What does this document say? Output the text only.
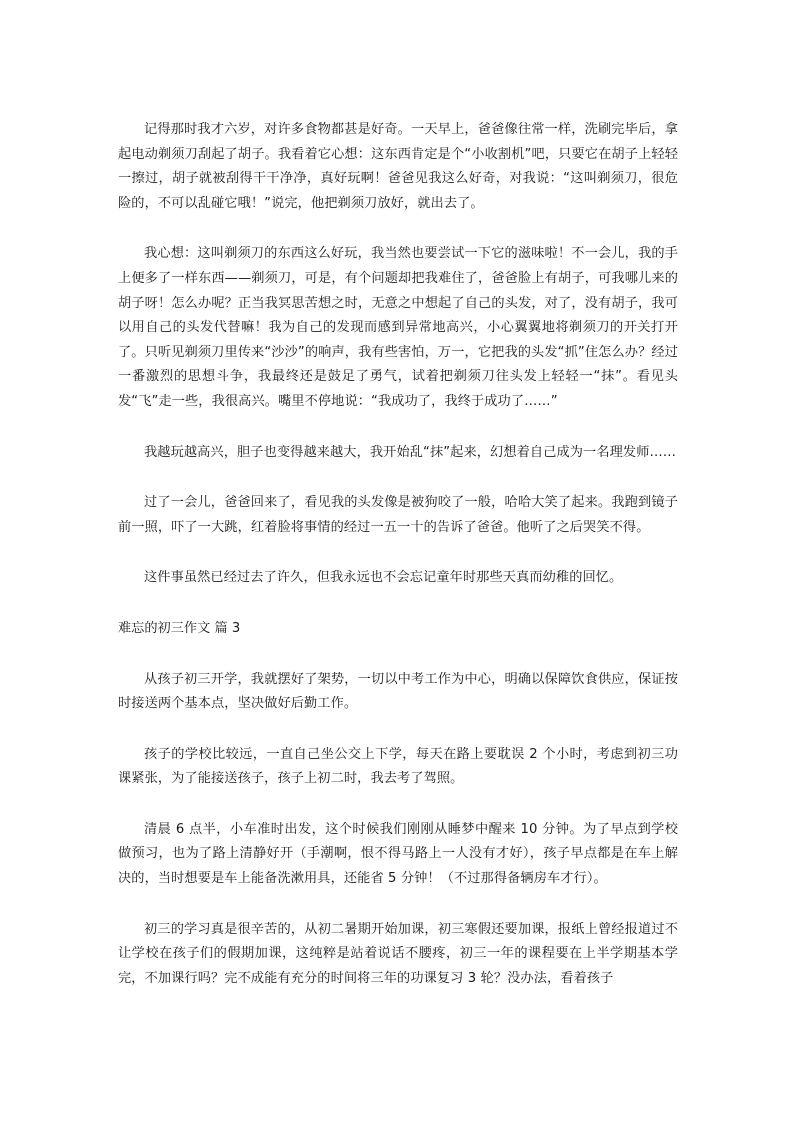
记得那时我才六岁，对许多食物都甚是好奇。一天早上，爸爸像往常一样，洗刷完毕后，拿起电动剃须刀刮起了胡子。我看着它心想：这东西肯定是个“小收割机”吧，只要它在胡子上轻轻一擦过，胡子就被刮得干干净净，真好玩啊！爸爸见我这么好奇，对我说：“这叫剃须刀，很危险的，不可以乱碰它哦！”说完，他把剃须刀放好，就出去了。

我心想：这叫剃须刀的东西这么好玩，我当然也要尝试一下它的滋味啦！不一会儿，我的手上便多了一样东西——剃须刀，可是，有个问题却把我难住了，爸爸脸上有胡子，可我哪儿来的胡子呀！怎么办呢？正当我冥思苦想之时，无意之中想起了自己的头发，对了，没有胡子，我可以用自己的头发代替嘛！我为自己的发现而感到异常地高兴，小心翼翼地将剃须刀的开关打开了。只听见剃须刀里传来“沙沙”的响声，我有些害怕，万一，它把我的头发“抓”住怎么办？经过一番激烈的思想斗争，我最终还是鼓足了勇气，试着把剃须刀往头发上轻轻一“抹”。看见头发“飞”走一些，我很高兴。嘴里不停地说：“我成功了，我终于成功了……”

我越玩越高兴，胆子也变得越来越大，我开始乱“抹”起来，幻想着自己成为一名理发师……

过了一会儿，爸爸回来了，看见我的头发像是被狗咬了一般，哈哈大笑了起来。我跑到镜子前一照，吓了一大跳，红着脸将事情的经过一五一十的告诉了爸爸。他听了之后哭笑不得。

这件事虽然已经过去了许久，但我永远也不会忘记童年时那些天真而幼稚的回忆。

难忘的初三作文 篇 3

从孩子初三开学，我就摆好了架势，一切以中考工作为中心，明确以保障饮食供应，保证按时接送两个基本点，坚决做好后勤工作。

孩子的学校比较远，一直自己坐公交上下学，每天在路上要耽误 2 个小时，考虑到初三功课紧张，为了能接送孩子，孩子上初二时，我去考了驾照。

清晨 6 点半，小车准时出发，这个时候我们刚刚从睡梦中醒来 10 分钟。为了早点到学校做预习，也为了路上清静好开（手潮啊，恨不得马路上一人没有才好），孩子早点都是在车上解决的，当时想要是车上能备洗漱用具，还能省 5 分钟！（不过那得备辆房车才行）。

初三的学习真是很辛苦的，从初二暑期开始加课，初三寒假还要加课，报纸上曾经报道过不让学校在孩子们的假期加课，这纯粹是站着说话不腰疼，初三一年的课程要在上半学期基本学完，不加课行吗？完不成能有充分的时间将三年的功课复习 3 轮？没办法，看着孩子
